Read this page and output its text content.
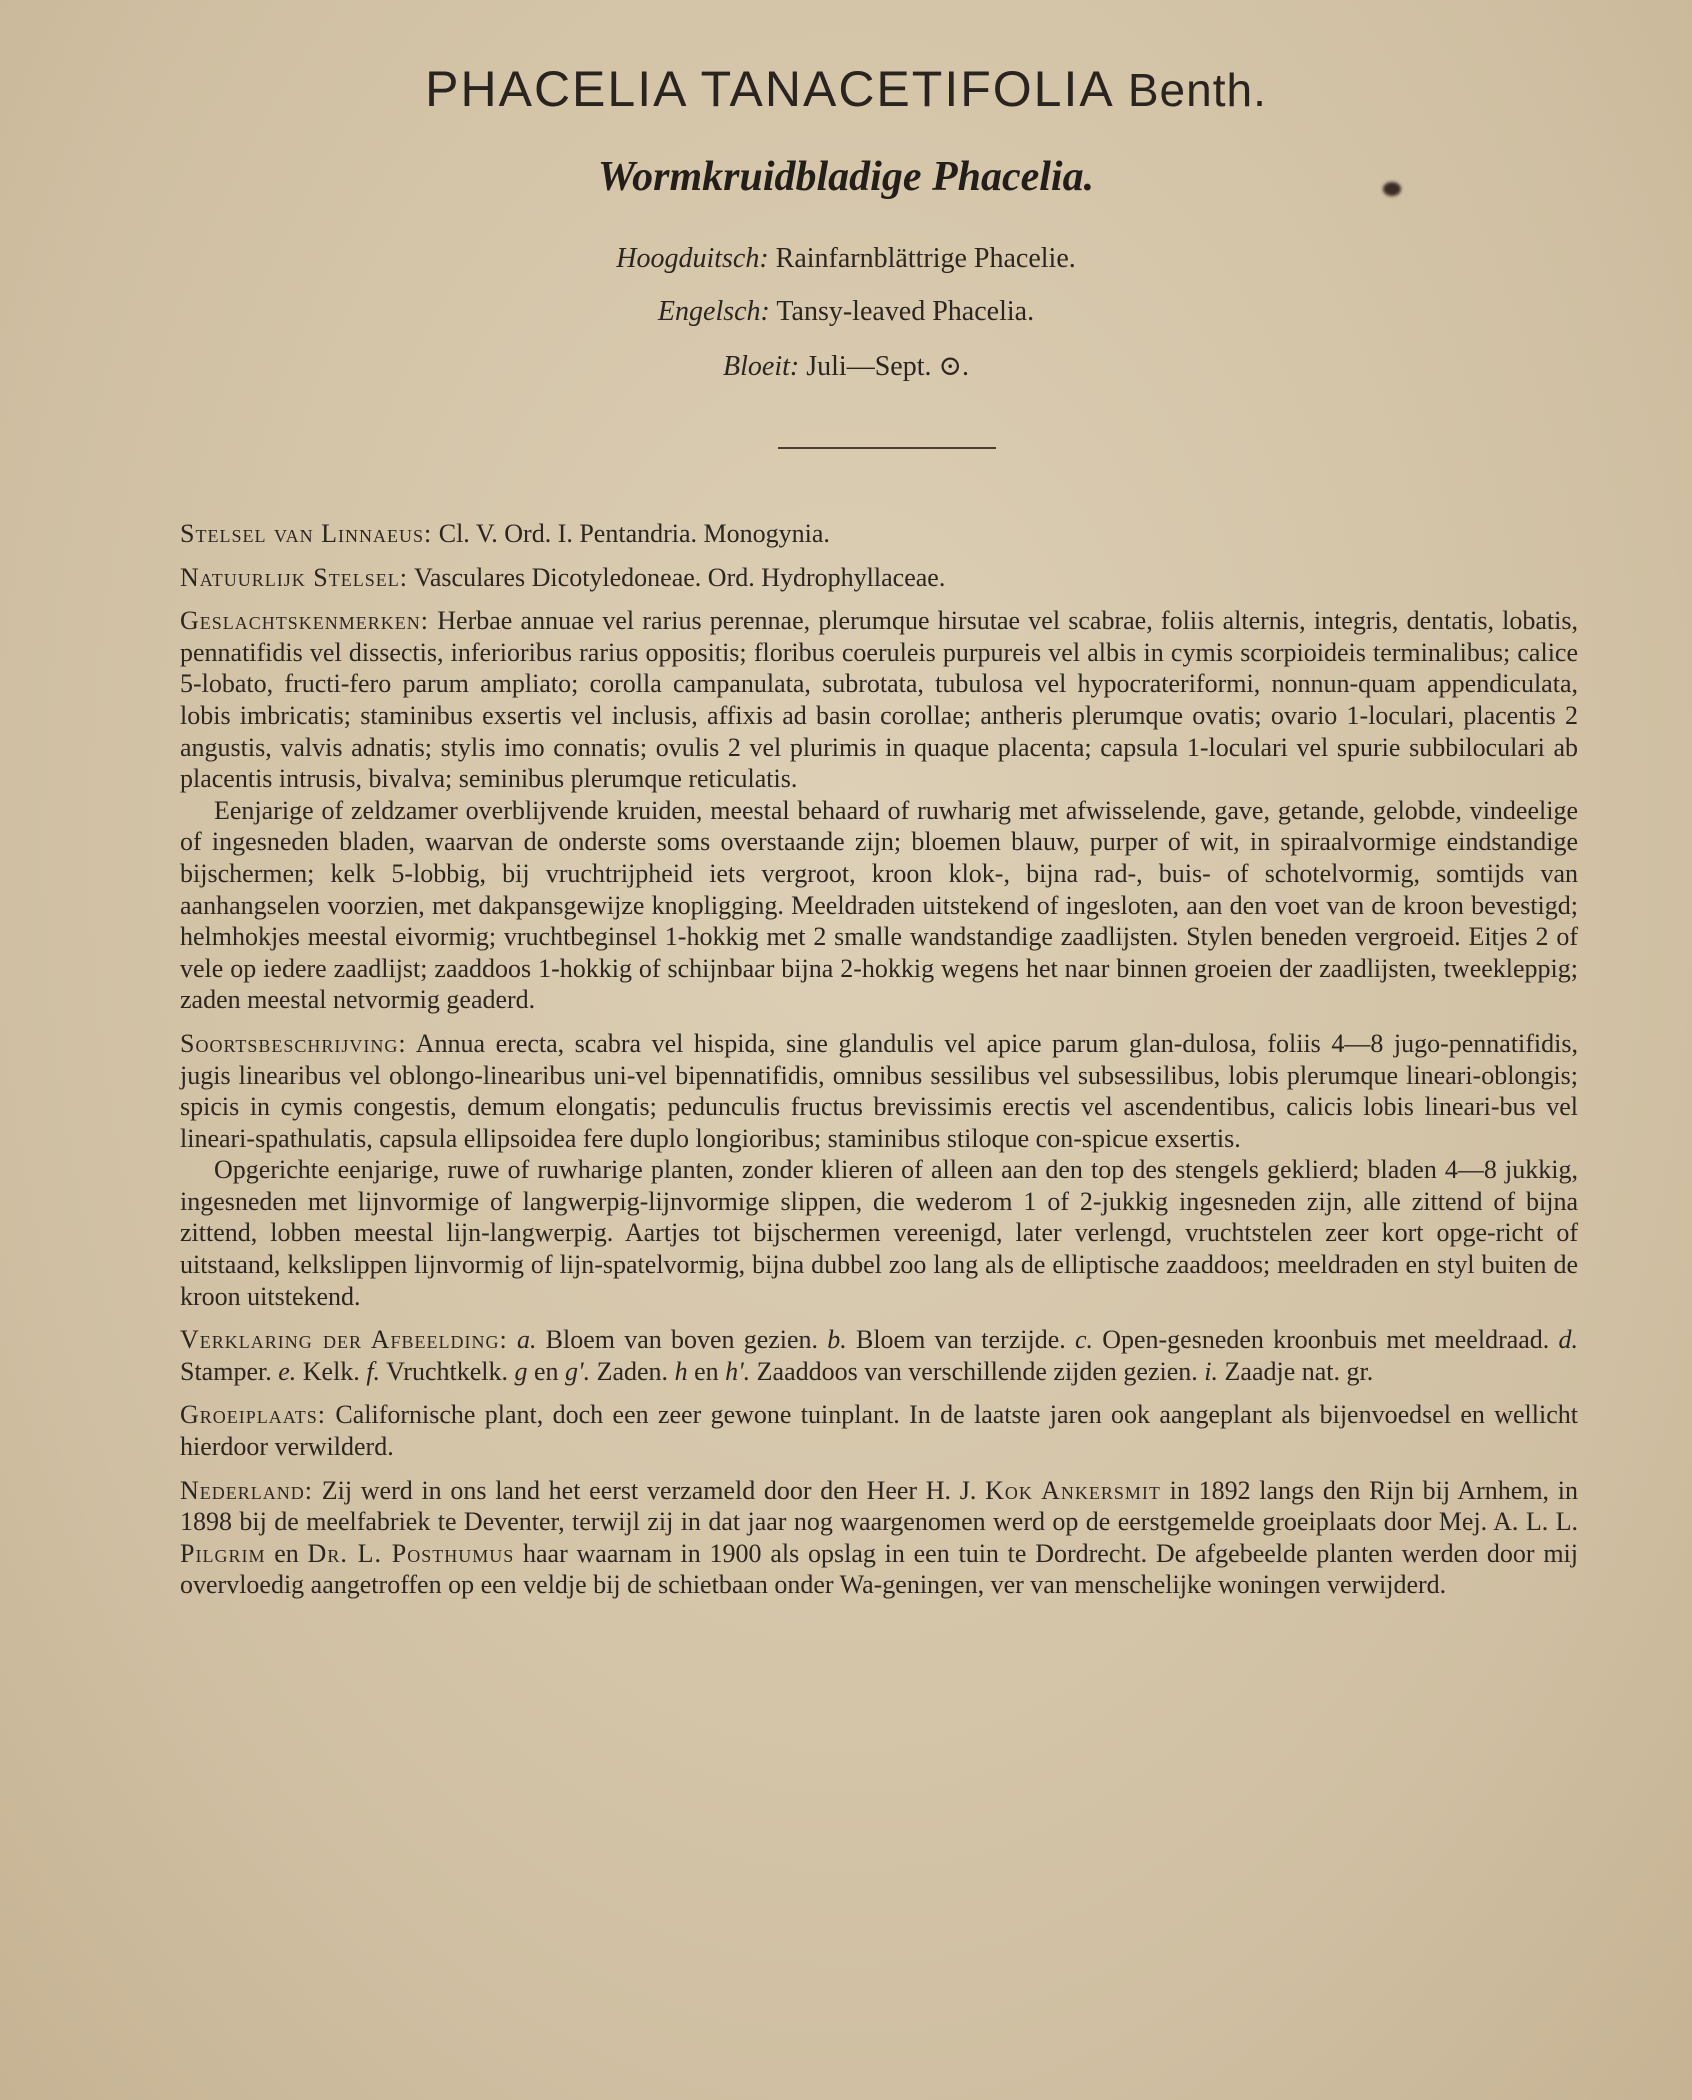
PHACELIA TANACETIFOLIA Benth.
Wormkruidbladige Phacelia.
Hoogduitsch: Rainfarnblättrige Phacelie.
Engelsch: Tansy-leaved Phacelia.
Bloeit: Juli—Sept. ⊙.

Stelsel van Linnaeus: Cl. V. Ord. I. Pentandria. Monogynia.

Natuurlijk Stelsel: Vasculares Dicotyledoneae. Ord. Hydrophyllaceae.

Geslachtskenmerken: Herbae annuae vel rarius perennae, plerumque hirsutae vel scabrae, foliis alternis, integris, dentatis, lobatis, pennatifidis vel dissectis, inferioribus rarius oppositis; floribus coeruleis purpureis vel albis in cymis scorpioideis terminalibus; calice 5-lobato, fructi-fero parum ampliato; corolla campanulata, subrotata, tubulosa vel hypocrateriformi, nonnun-quam appendiculata, lobis imbricatis; staminibus exsertis vel inclusis, affixis ad basin corollae; antheris plerumque ovatis; ovario 1-loculari, placentis 2 angustis, valvis adnatis; stylis imo connatis; ovulis 2 vel plurimis in quaque placenta; capsula 1-loculari vel spurie subbiloculari ab placentis intrusis, bivalva; seminibus plerumque reticulatis.

Eenjarige of zeldzamer overblijvende kruiden, meestal behaard of ruwharig met afwisselende, gave, getande, gelobde, vindeelige of ingesneden bladen, waarvan de onderste soms overstaande zijn; bloemen blauw, purper of wit, in spiraalvormige eindstandige bijschermen; kelk 5-lobbig, bij vruchtrijpheid iets vergroot, kroon klok-, bijna rad-, buis- of schotelvormig, somtijds van aanhangselen voorzien, met dakpansgewijze knopligging. Meeldraden uitstekend of ingesloten, aan den voet van de kroon bevestigd; helmhokjes meestal eivormig; vruchtbeginsel 1-hokkig met 2 smalle wandstandige zaadlijsten. Stylen beneden vergroeid. Eitjes 2 of vele op iedere zaadlijst; zaaddoos 1-hokkig of schijnbaar bijna 2-hokkig wegens het naar binnen groeien der zaadlijsten, tweekleppig; zaden meestal netvormig geaderd.

Soortsbeschrijving: Annua erecta, scabra vel hispida, sine glandulis vel apice parum glan-dulosa, foliis 4—8 jugo-pennatifidis, jugis linearibus vel oblongo-linearibus uni-vel bipennatifidis, omnibus sessilibus vel subsessilibus, lobis plerumque lineari-oblongis; spicis in cymis congestis, demum elongatis; pedunculis fructus brevissimis erectis vel ascendentibus, calicis lobis lineari-bus vel lineari-spathulatis, capsula ellipsoidea fere duplo longioribus; staminibus stiloque con-spicue exsertis.

Opgerichte eenjarige, ruwe of ruwharige planten, zonder klieren of alleen aan den top des stengels geklierd; bladen 4—8 jukkig, ingesneden met lijnvormige of langwerpig-lijnvormige slippen, die wederom 1 of 2-jukkig ingesneden zijn, alle zittend of bijna zittend, lobben meestal lijn-langwerpig. Aartjes tot bijschermen vereenigd, later verlengd, vruchtstelen zeer kort opge-richt of uitstaand, kelkslippen lijnvormig of lijn-spatelvormig, bijna dubbel zoo lang als de elliptische zaaddoos; meeldraden en styl buiten de kroon uitstekend.

Verklaring der Afbeelding: a. Bloem van boven gezien. b. Bloem van terzijde. c. Open-gesneden kroonbuis met meeldraad. d. Stamper. e. Kelk. f. Vruchtkelk. g en g'. Zaden. h en h'. Zaaddoos van verschillende zijden gezien. i. Zaadje nat. gr.

Groeiplaats: Californische plant, doch een zeer gewone tuinplant. In de laatste jaren ook aangeplant als bijenvoedsel en wellicht hierdoor verwilderd.

Nederland: Zij werd in ons land het eerst verzameld door den Heer H. J. Kok Ankersmit in 1892 langs den Rijn bij Arnhem, in 1898 bij de meelfabriek te Deventer, terwijl zij in dat jaar nog waargenomen werd op de eerstgemelde groeiplaats door Mej. A. L. L. Pilgrim en Dr. L. Posthumus haar waarnam in 1900 als opslag in een tuin te Dordrecht. De afgebeelde planten werden door mij overvloedig aangetroffen op een veldje bij de schietbaan onder Wa-geningen, ver van menschelijke woningen verwijderd.
